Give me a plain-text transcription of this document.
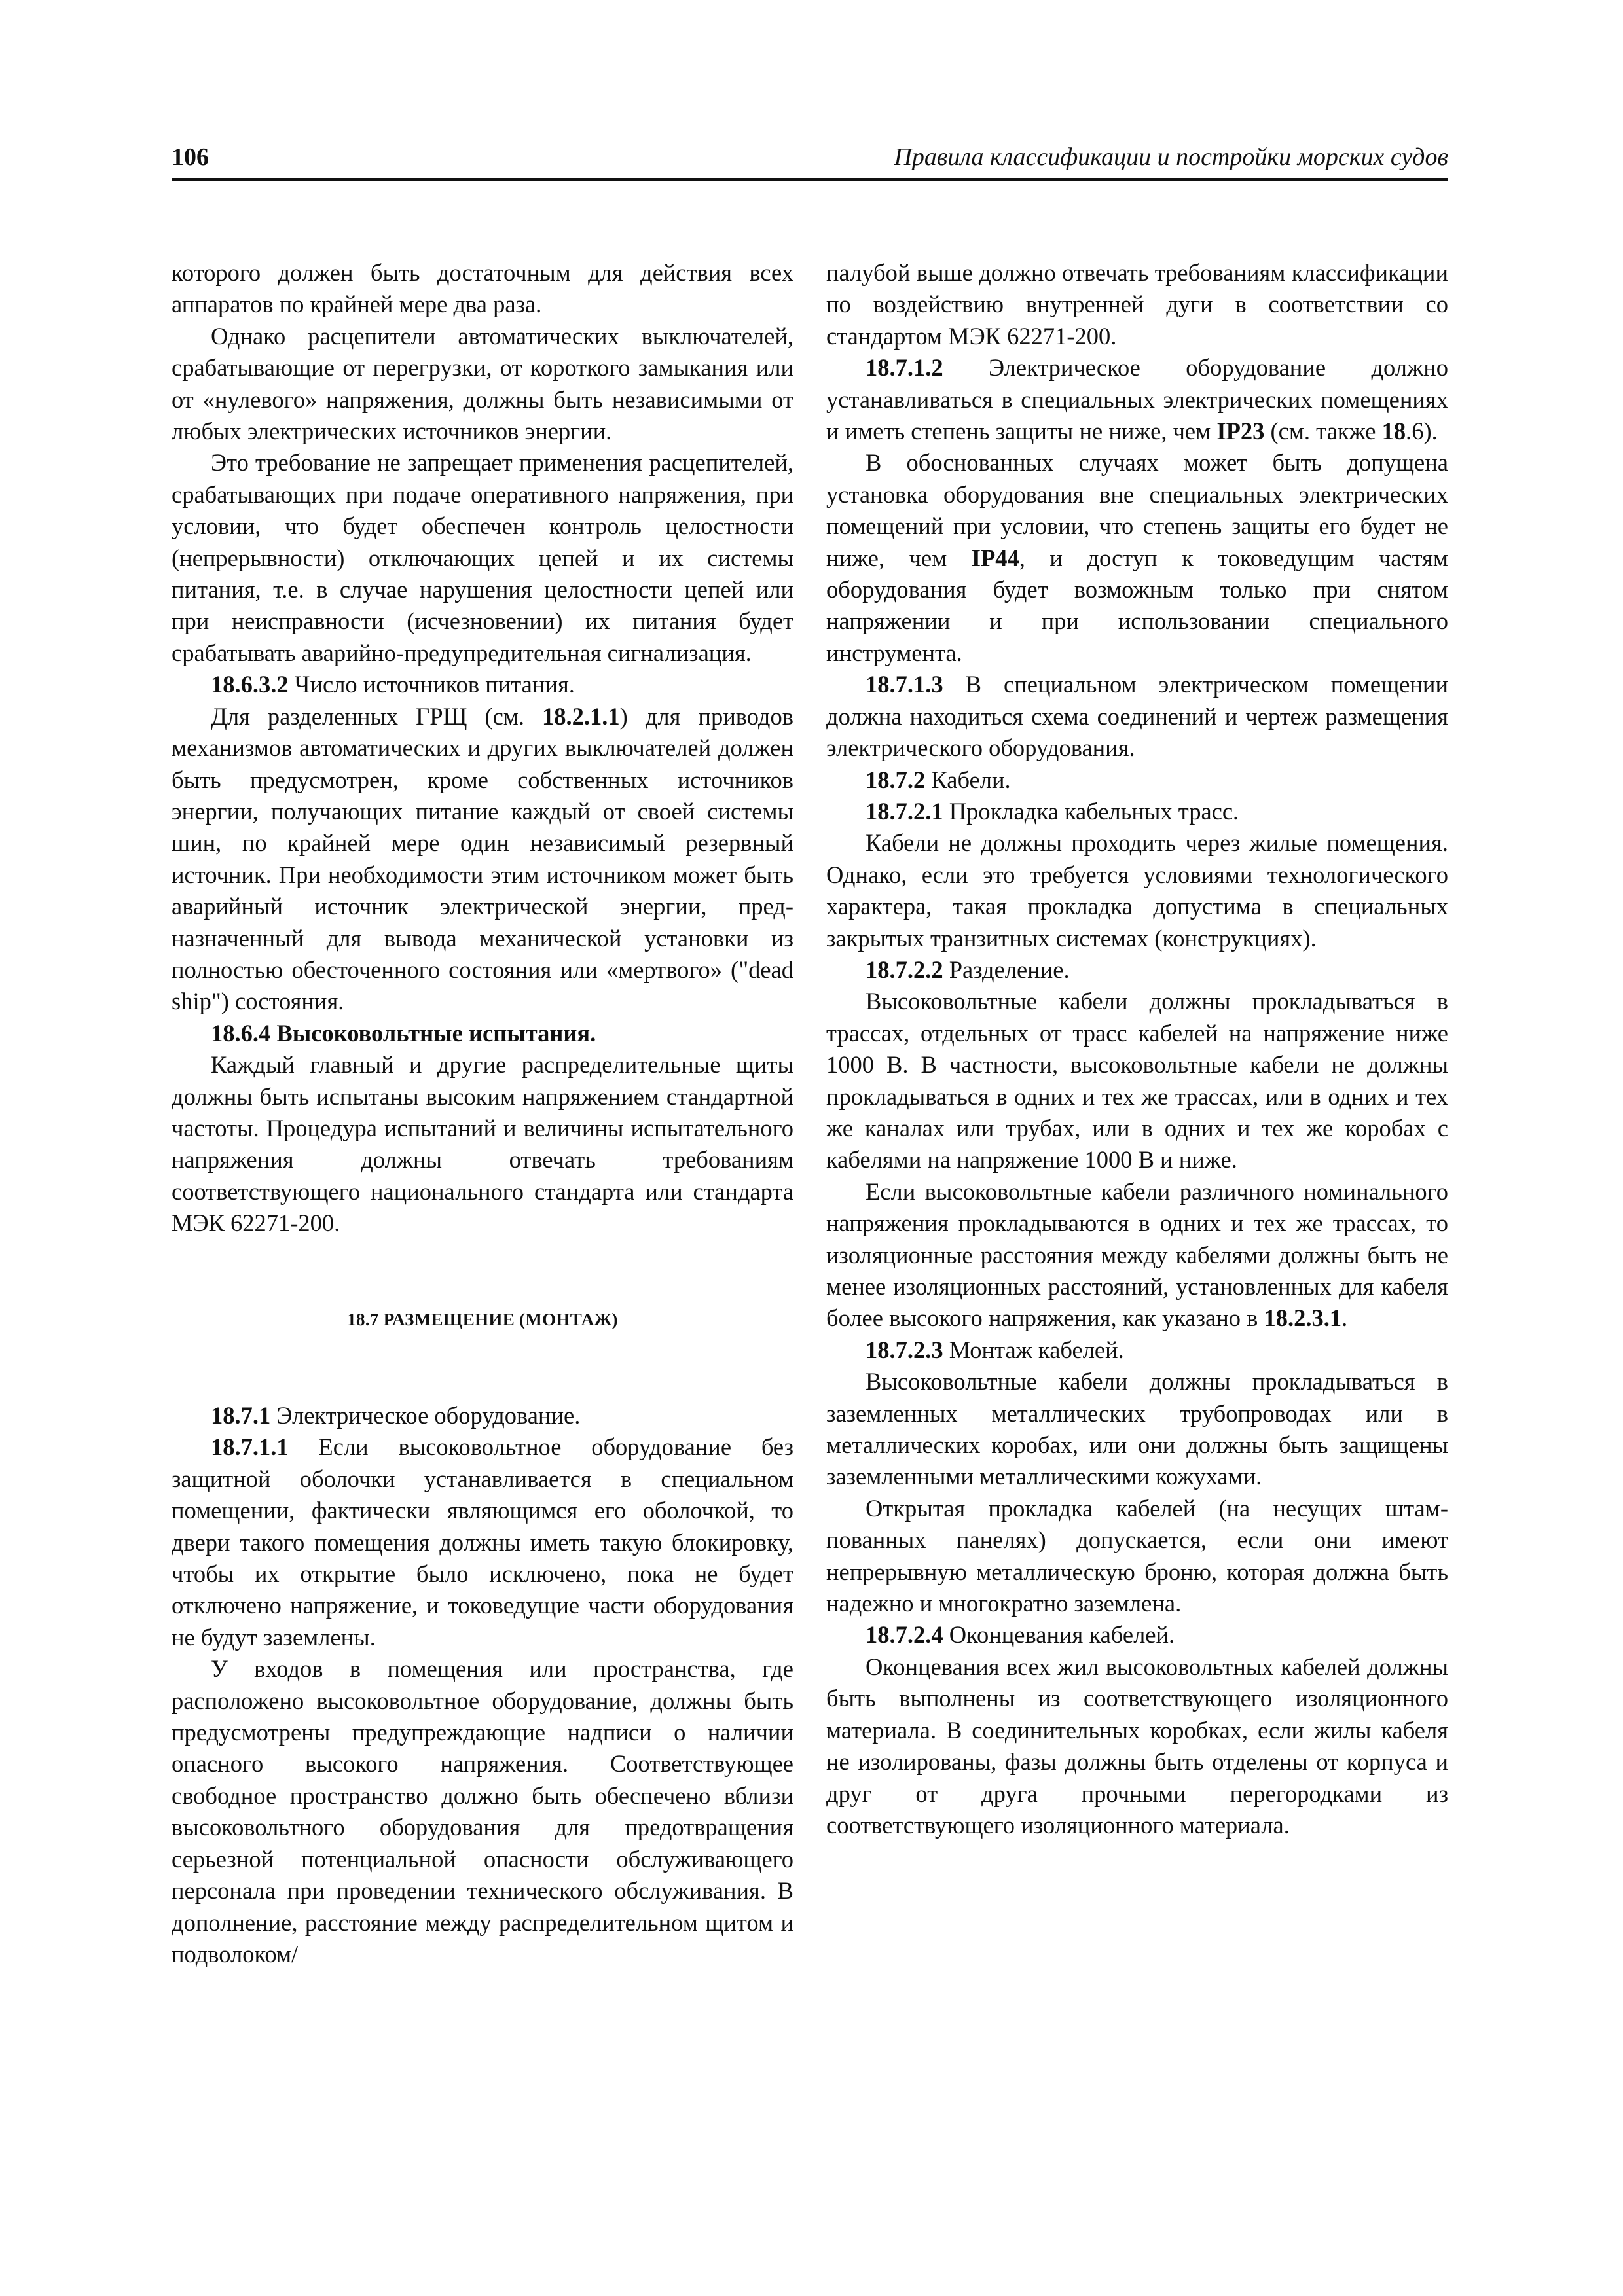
106	Правила классификации и постройки морских судов

которого должен быть достаточным для действия всех аппаратов по крайней мере два раза.

Однако расцепители автоматических выключателей, срабатывающие от перегрузки, от короткого замыкания или от «нулевого» напряжения, должны быть независимыми от любых электрических источников энергии.

Это требование не запрещает применения расцепителей, срабатывающих при подаче оперативного напряжения, при условии, что будет обеспечен контроль целостности (непрерывности) отключающих цепей и их системы питания, т.е. в случае нарушения целостности цепей или при неисправности (исчезновении) их питания будет срабатывать аварийно-предупредительная сигнализация.

18.6.3.2 Число источников питания.

Для разделенных ГРЩ (см. 18.2.1.1) для приводов механизмов автоматических и других выключателей должен быть предусмотрен, кроме собственных источников энергии, получающих питание каждый от своей системы шин, по крайней мере один независимый резервный источник. При необходимости этим источником может быть аварийный источник электрической энергии, предназначенный для вывода механической установки из полностью обесточенного состояния или «мертвого» ("dead ship") состояния.

18.6.4 Высоковольтные испытания.

Каждый главный и другие распределительные щиты должны быть испытаны высоким напряжением стандартной частоты. Процедура испытаний и величины испытательного напряжения должны отвечать требованиям соответствующего национального стандарта или стандарта МЭК 62271-200.

18.7 РАЗМЕЩЕНИЕ (МОНТАЖ)

18.7.1 Электрическое оборудование.

18.7.1.1 Если высоковольтное оборудование без защитной оболочки устанавливается в специальном помещении, фактически являющимся его оболочкой, то двери такого помещения должны иметь такую блокировку, чтобы их открытие было исключено, пока не будет отключено напряжение, и токоведущие части оборудования не будут заземлены.

У входов в помещения или пространства, где расположено высоковольтное оборудование, должны быть предусмотрены предупреждающие надписи о наличии опасного высокого напряжения. Соответствующее свободное пространство должно быть обеспечено вблизи высоковольтного оборудования для предотвращения серьезной потенциальной опасности обслуживающего персонала при проведении технического обслуживания. В дополнение, расстояние между распределительном щитом и подволоком/

палубой выше должно отвечать требованиям классификации по воздействию внутренней дуги в соответствии со стандартом МЭК 62271-200.

18.7.1.2 Электрическое оборудование должно устанавливаться в специальных электрических помещениях и иметь степень защиты не ниже, чем IP23 (см. также 18.6).

В обоснованных случаях может быть допущена установка оборудования вне специальных электрических помещений при условии, что степень защиты его будет не ниже, чем IP44, и доступ к токоведущим частям оборудования будет возможным только при снятом напряжении и при использовании специального инструмента.

18.7.1.3 В специальном электрическом помещении должна находиться схема соединений и чертеж размещения электрического оборудования.

18.7.2 Кабели.

18.7.2.1 Прокладка кабельных трасс.

Кабели не должны проходить через жилые помещения. Однако, если это требуется условиями технологического характера, такая прокладка допустима в специальных закрытых транзитных системах (конструкциях).

18.7.2.2 Разделение.

Высоковольтные кабели должны прокладываться в трассах, отдельных от трасс кабелей на напряжение ниже 1000 В. В частности, высоковольтные кабели не должны прокладываться в одних и тех же трассах, или в одних и тех же каналах или трубах, или в одних и тех же коробах с кабелями на напряжение 1000 В и ниже.

Если высоковольтные кабели различного номинального напряжения прокладываются в одних и тех же трассах, то изоляционные расстояния между кабелями должны быть не менее изоляционных расстояний, установленных для кабеля более высокого напряжения, как указано в 18.2.3.1.

18.7.2.3 Монтаж кабелей.

Высоковольтные кабели должны прокладываться в заземленных металлических трубопроводах или в металлических коробах, или они должны быть защищены заземленными металлическими кожухами.

Открытая прокладка кабелей (на несущих штампованных панелях) допускается, если они имеют непрерывную металлическую броню, которая должна быть надежно и многократно заземлена.

18.7.2.4 Оконцевания кабелей.

Оконцевания всех жил высоковольтных кабелей должны быть выполнены из соответствующего изоляционного материала. В соединительных коробках, если жилы кабеля не изолированы, фазы должны быть отделены от корпуса и друг от друга прочными перегородками из соответствующего изоляционного материала.
